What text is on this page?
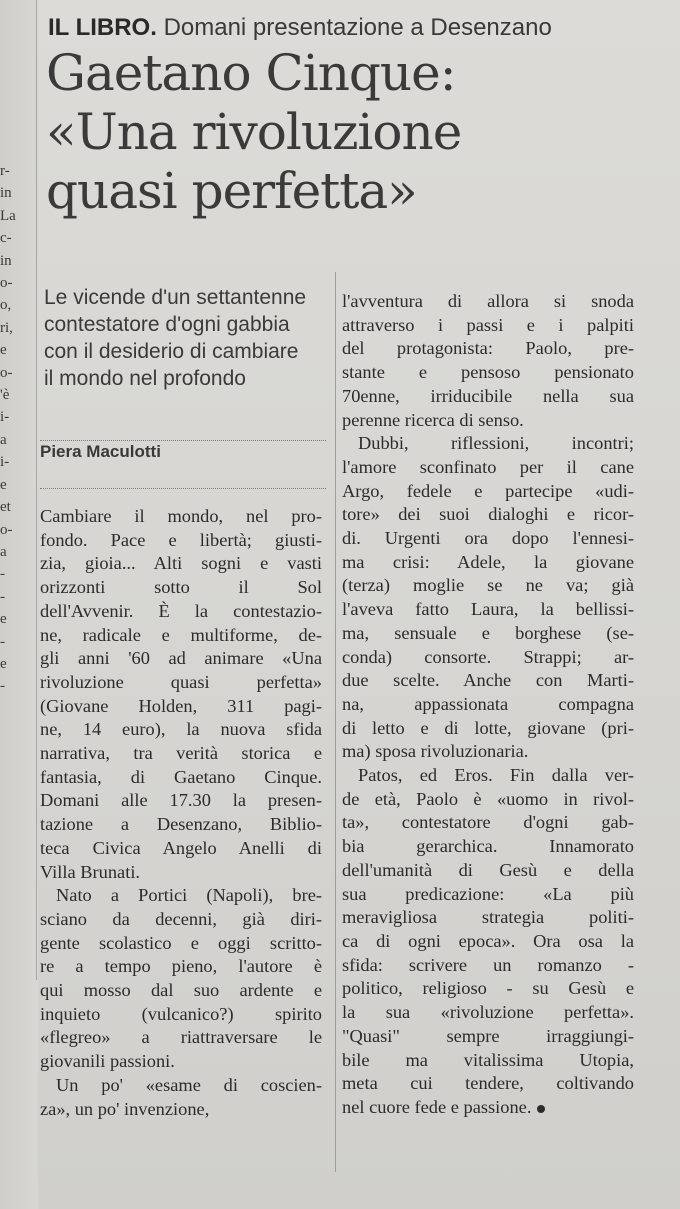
r-
in
La
c-
in
o-
o,
ri,
e
o-
'è
i-
a
i-
e
et
o-
a
-
-
e
-
e
-
IL LIBRO. Domani presentazione a Desenzano
Gaetano Cinque:
«Una rivoluzione
quasi perfetta»
Le vicende d'un settantenne
contestatore d'ogni gabbia
con il desiderio di cambiare
il mondo nel profondo
Piera Maculotti
Cambiare il mondo, nel pro-
fondo. Pace e libertà; giusti-
zia, gioia... Alti sogni e vasti
orizzonti sotto il Sol
dell'Avvenir. È la contestazio-
ne, radicale e multiforme, de-
gli anni '60 ad animare «Una
rivoluzione quasi perfetta»
(Giovane Holden, 311 pagi-
ne, 14 euro), la nuova sfida
narrativa, tra verità storica e
fantasia, di Gaetano Cinque.
Domani alle 17.30 la presen-
tazione a Desenzano, Biblio-
teca Civica Angelo Anelli di
Villa Brunati.
Nato a Portici (Napoli), bre-
sciano da decenni, già diri-
gente scolastico e oggi scritto-
re a tempo pieno, l'autore è
qui mosso dal suo ardente e
inquieto (vulcanico?) spirito
«flegreo» a riattraversare le
giovanili passioni.
Un po' «esame di coscien-
za», un po' invenzione,
l'avventura di allora si snoda
attraverso i passi e i palpiti
del protagonista: Paolo, pre-
stante e pensoso pensionato
70enne, irriducibile nella sua
perenne ricerca di senso.
Dubbi, riflessioni, incontri;
l'amore sconfinato per il cane
Argo, fedele e partecipe «udi-
tore» dei suoi dialoghi e ricor-
di. Urgenti ora dopo l'ennesi-
ma crisi: Adele, la giovane
(terza) moglie se ne va; già
l'aveva fatto Laura, la bellissi-
ma, sensuale e borghese (se-
conda) consorte. Strappi; ar-
due scelte. Anche con Marti-
na, appassionata compagna
di letto e di lotte, giovane (pri-
ma) sposa rivoluzionaria.
Patos, ed Eros. Fin dalla ver-
de età, Paolo è «uomo in rivol-
ta», contestatore d'ogni gab-
bia gerarchica. Innamorato
dell'umanità di Gesù e della
sua predicazione: «La più
meravigliosa strategia politi-
ca di ogni epoca». Ora osa la
sfida: scrivere un romanzo -
politico, religioso - su Gesù e
la sua «rivoluzione perfetta».
"Quasi" sempre irraggiungi-
bile ma vitalissima Utopia,
meta cui tendere, coltivando
nel cuore fede e passione.
